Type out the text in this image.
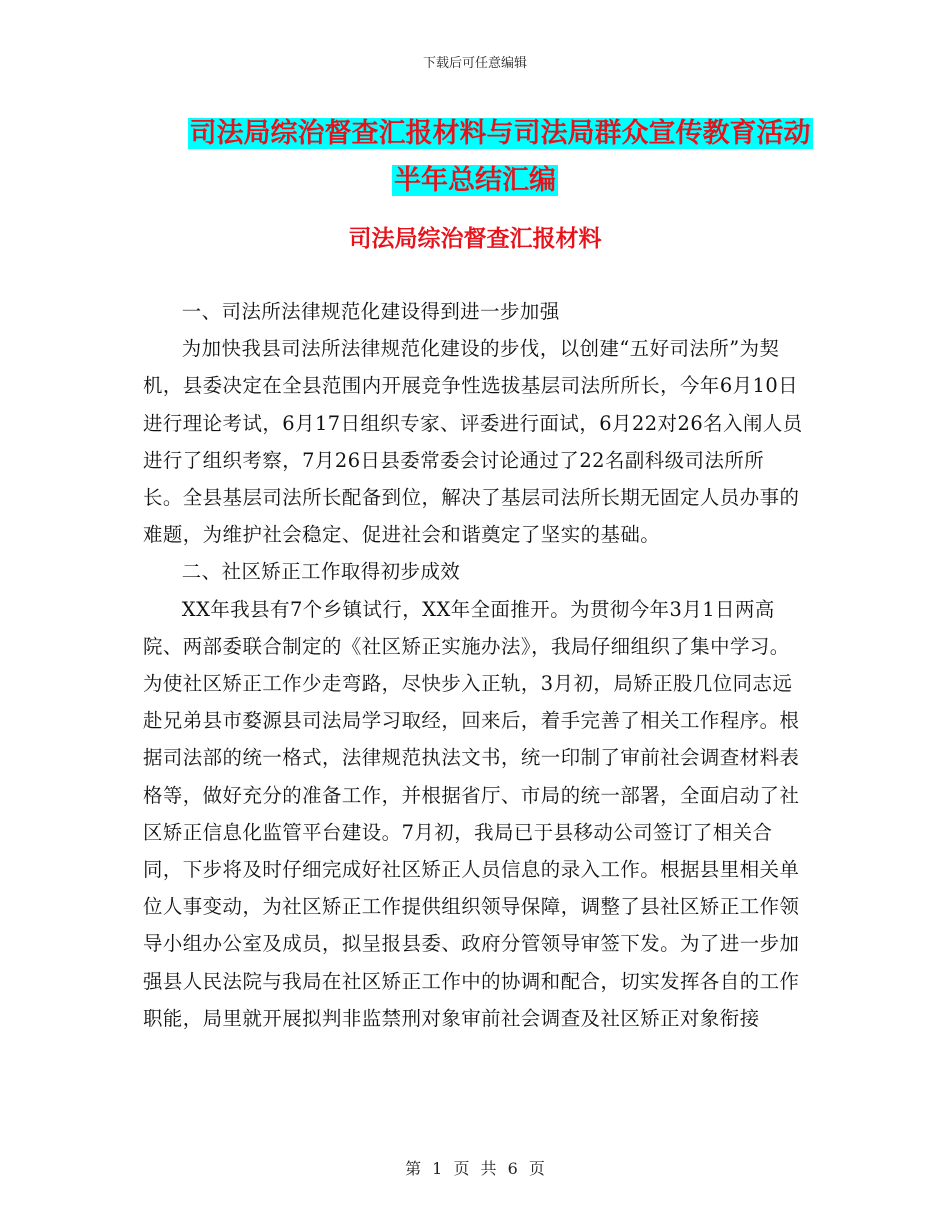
下载后可任意编辑
司法局综治督查汇报材料与司法局群众宣传教育活动
半年总结汇编
司法局综治督查汇报材料

一、司法所法律规范化建设得到进一步加强

为加快我县司法所法律规范化建设的步伐，以创建“五好司法所”为契机，县委决定在全县范围内开展竞争性选拔基层司法所所长，今年6月10日进行理论考试，6月17日组织专家、评委进行面试，6月22对26名入闱人员进行了组织考察，7月26日县委常委会讨论通过了22名副科级司法所所长。全县基层司法所长配备到位，解决了基层司法所长期无固定人员办事的难题，为维护社会稳定、促进社会和谐奠定了坚实的基础。

二、社区矫正工作取得初步成效

XX年我县有7个乡镇试行，XX年全面推开。为贯彻今年3月1日两高院、两部委联合制定的《社区矫正实施办法》，我局仔细组织了集中学习。为使社区矫正工作少走弯路，尽快步入正轨，3月初，局矫正股几位同志远赴兄弟县市婺源县司法局学习取经，回来后，着手完善了相关工作程序。根据司法部的统一格式，法律规范执法文书，统一印制了审前社会调查材料表格等，做好充分的准备工作，并根据省厅、市局的统一部署，全面启动了社区矫正信息化监管平台建设。7月初，我局已于县移动公司签订了相关合同，下步将及时仔细完成好社区矫正人员信息的录入工作。根据县里相关单位人事变动，为社区矫正工作提供组织领导保障，调整了县社区矫正工作领导小组办公室及成员，拟呈报县委、政府分管领导审签下发。为了进一步加强县人民法院与我局在社区矫正工作中的协调和配合，切实发挥各自的工作职能，局里就开展拟判非监禁刑对象审前社会调查及社区矫正对象衔接

第 1 页 共 6 页
